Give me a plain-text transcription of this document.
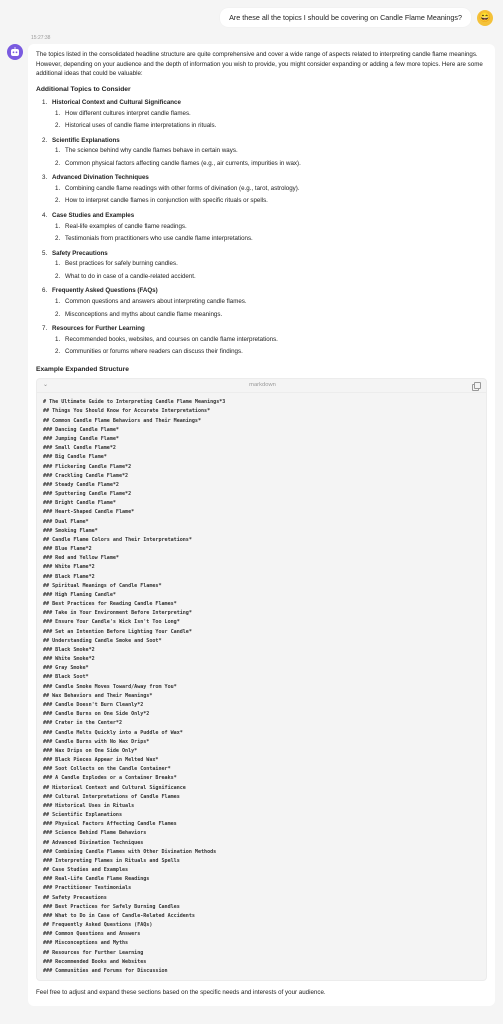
Are these all the topics I should be covering on Candle Flame Meanings?	😄
15:27:38

The topics listed in the consolidated headline structure are quite comprehensive and cover a wide range of aspects related to interpreting candle flame meanings. However, depending on your audience and the depth of information you wish to provide, you might consider expanding or adding a few more topics. Here are some additional ideas that could be valuable:

Additional Topics to Consider
1. Historical Context and Cultural Significance
1. How different cultures interpret candle flames.
2. Historical uses of candle flame interpretations in rituals.
2. Scientific Explanations
1. The science behind why candle flames behave in certain ways.
2. Common physical factors affecting candle flames (e.g., air currents, impurities in wax).
3. Advanced Divination Techniques
1. Combining candle flame readings with other forms of divination (e.g., tarot, astrology).
2. How to interpret candle flames in conjunction with specific rituals or spells.
4. Case Studies and Examples
1. Real-life examples of candle flame readings.
2. Testimonials from practitioners who use candle flame interpretations.
5. Safety Precautions
1. Best practices for safely burning candles.
2. What to do in case of a candle-related accident.
6. Frequently Asked Questions (FAQs)
1. Common questions and answers about interpreting candle flames.
2. Misconceptions and myths about candle flame meanings.
7. Resources for Further Learning
1. Recommended books, websites, and courses on candle flame interpretations.
2. Communities or forums where readers can discuss their findings.
Example Expanded Structure
⌄	markdown
# The Ultimate Guide to Interpreting Candle Flame Meanings*3
## Things You Should Know for Accurate Interpretations*
## Common Candle Flame Behaviors and Their Meanings*
### Dancing Candle Flame*
### Jumping Candle Flame*
### Small Candle Flame*2
### Big Candle Flame*
### Flickering Candle Flame*2
### Crackling Candle Flame*2
### Steady Candle Flame*2
### Sputtering Candle Flame*2
### Bright Candle Flame*
### Heart-Shaped Candle Flame*
### Dual Flame*
### Smoking Flame*
## Candle Flame Colors and Their Interpretations*
### Blue Flame*2
### Red and Yellow Flame*
### White Flame*2
### Black Flame*2
## Spiritual Meanings of Candle Flames*
### High Flaming Candle*
## Best Practices for Reading Candle Flames*
### Take in Your Environment Before Interpreting*
### Ensure Your Candle's Wick Isn't Too Long*
### Set an Intention Before Lighting Your Candle*
## Understanding Candle Smoke and Soot*
### Black Smoke*2
### White Smoke*2
### Gray Smoke*
### Black Soot*
### Candle Smoke Moves Toward/Away from You*
## Wax Behaviors and Their Meanings*
### Candle Doesn't Burn Cleanly*2
### Candle Burns on One Side Only*2
### Crater in the Center*2
### Candle Melts Quickly into a Puddle of Wax*
### Candle Burns with No Wax Drips*
### Wax Drips on One Side Only*
### Black Pieces Appear in Melted Wax*
### Soot Collects on the Candle Container*
### A Candle Explodes or a Container Breaks*
## Historical Context and Cultural Significance
### Cultural Interpretations of Candle Flames
### Historical Uses in Rituals
## Scientific Explanations
### Physical Factors Affecting Candle Flames
### Science Behind Flame Behaviors
## Advanced Divination Techniques
### Combining Candle Flames with Other Divination Methods
### Interpreting Flames in Rituals and Spells
## Case Studies and Examples
### Real-Life Candle Flame Readings
### Practitioner Testimonials
## Safety Precautions
### Best Practices for Safely Burning Candles
### What to Do in Case of Candle-Related Accidents
## Frequently Asked Questions (FAQs)
### Common Questions and Answers
### Misconceptions and Myths
## Resources for Further Learning
### Recommended Books and Websites
### Communities and Forums for Discussion

Feel free to adjust and expand these sections based on the specific needs and interests of your audience.
